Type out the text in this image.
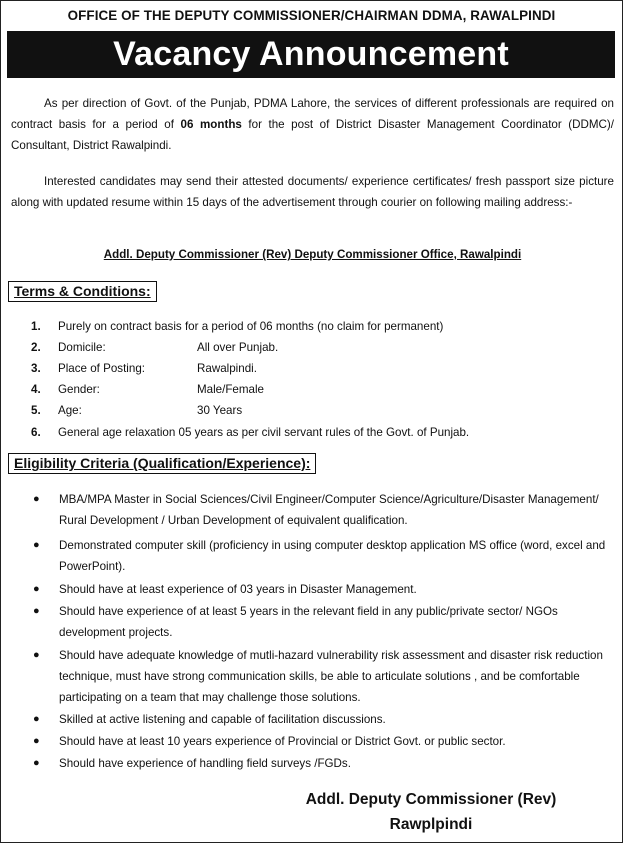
OFFICE OF THE DEPUTY COMMISSIONER/CHAIRMAN DDMA, RAWALPINDI
Vacancy Announcement
As per direction of Govt. of the Punjab, PDMA Lahore, the services of different professionals are required on contract basis for a period of 06 months for the post of District Disaster Management Coordinator (DDMC)/ Consultant, District Rawalpindi.
Interested candidates may send their attested documents/ experience certificates/ fresh passport size picture along with updated resume within 15 days of the advertisement through courier on following mailing address:-
Addl. Deputy Commissioner (Rev) Deputy Commissioner Office, Rawalpindi
Terms & Conditions:
1.	Purely on contract basis for a period of 06 months (no claim for permanent)
2.	Domicile:	All over Punjab.
3.	Place of Posting:	Rawalpindi.
4.	Gender:	Male/Female
5.	Age:	30 Years
6.	General age relaxation 05 years as per civil servant rules of the Govt. of Punjab.
Eligibility Criteria (Qualification/Experience):
● MBA/MPA Master in Social Sciences/Civil Engineer/Computer Science/Agriculture/Disaster Management/ Rural Development / Urban Development of equivalent qualification.
● Demonstrated computer skill (proficiency in using computer desktop application MS office (word, excel and PowerPoint).
● Should have at least experience of 03 years in Disaster Management.
● Should have experience of at least 5 years in the relevant field in any public/private sector/ NGOs development projects.
● Should have adequate knowledge of mutli-hazard vulnerability risk assessment and disaster risk reduction technique, must have strong communication skills, be able to articulate solutions , and be comfortable participating on a team that may challenge those solutions.
● Skilled at active listening and capable of facilitation discussions.
● Should have at least 10 years experience of Provincial or District Govt. or public sector.
● Should have experience of handling field surveys /FGDs.
Addl. Deputy Commissioner (Rev)
Rawplpindi
